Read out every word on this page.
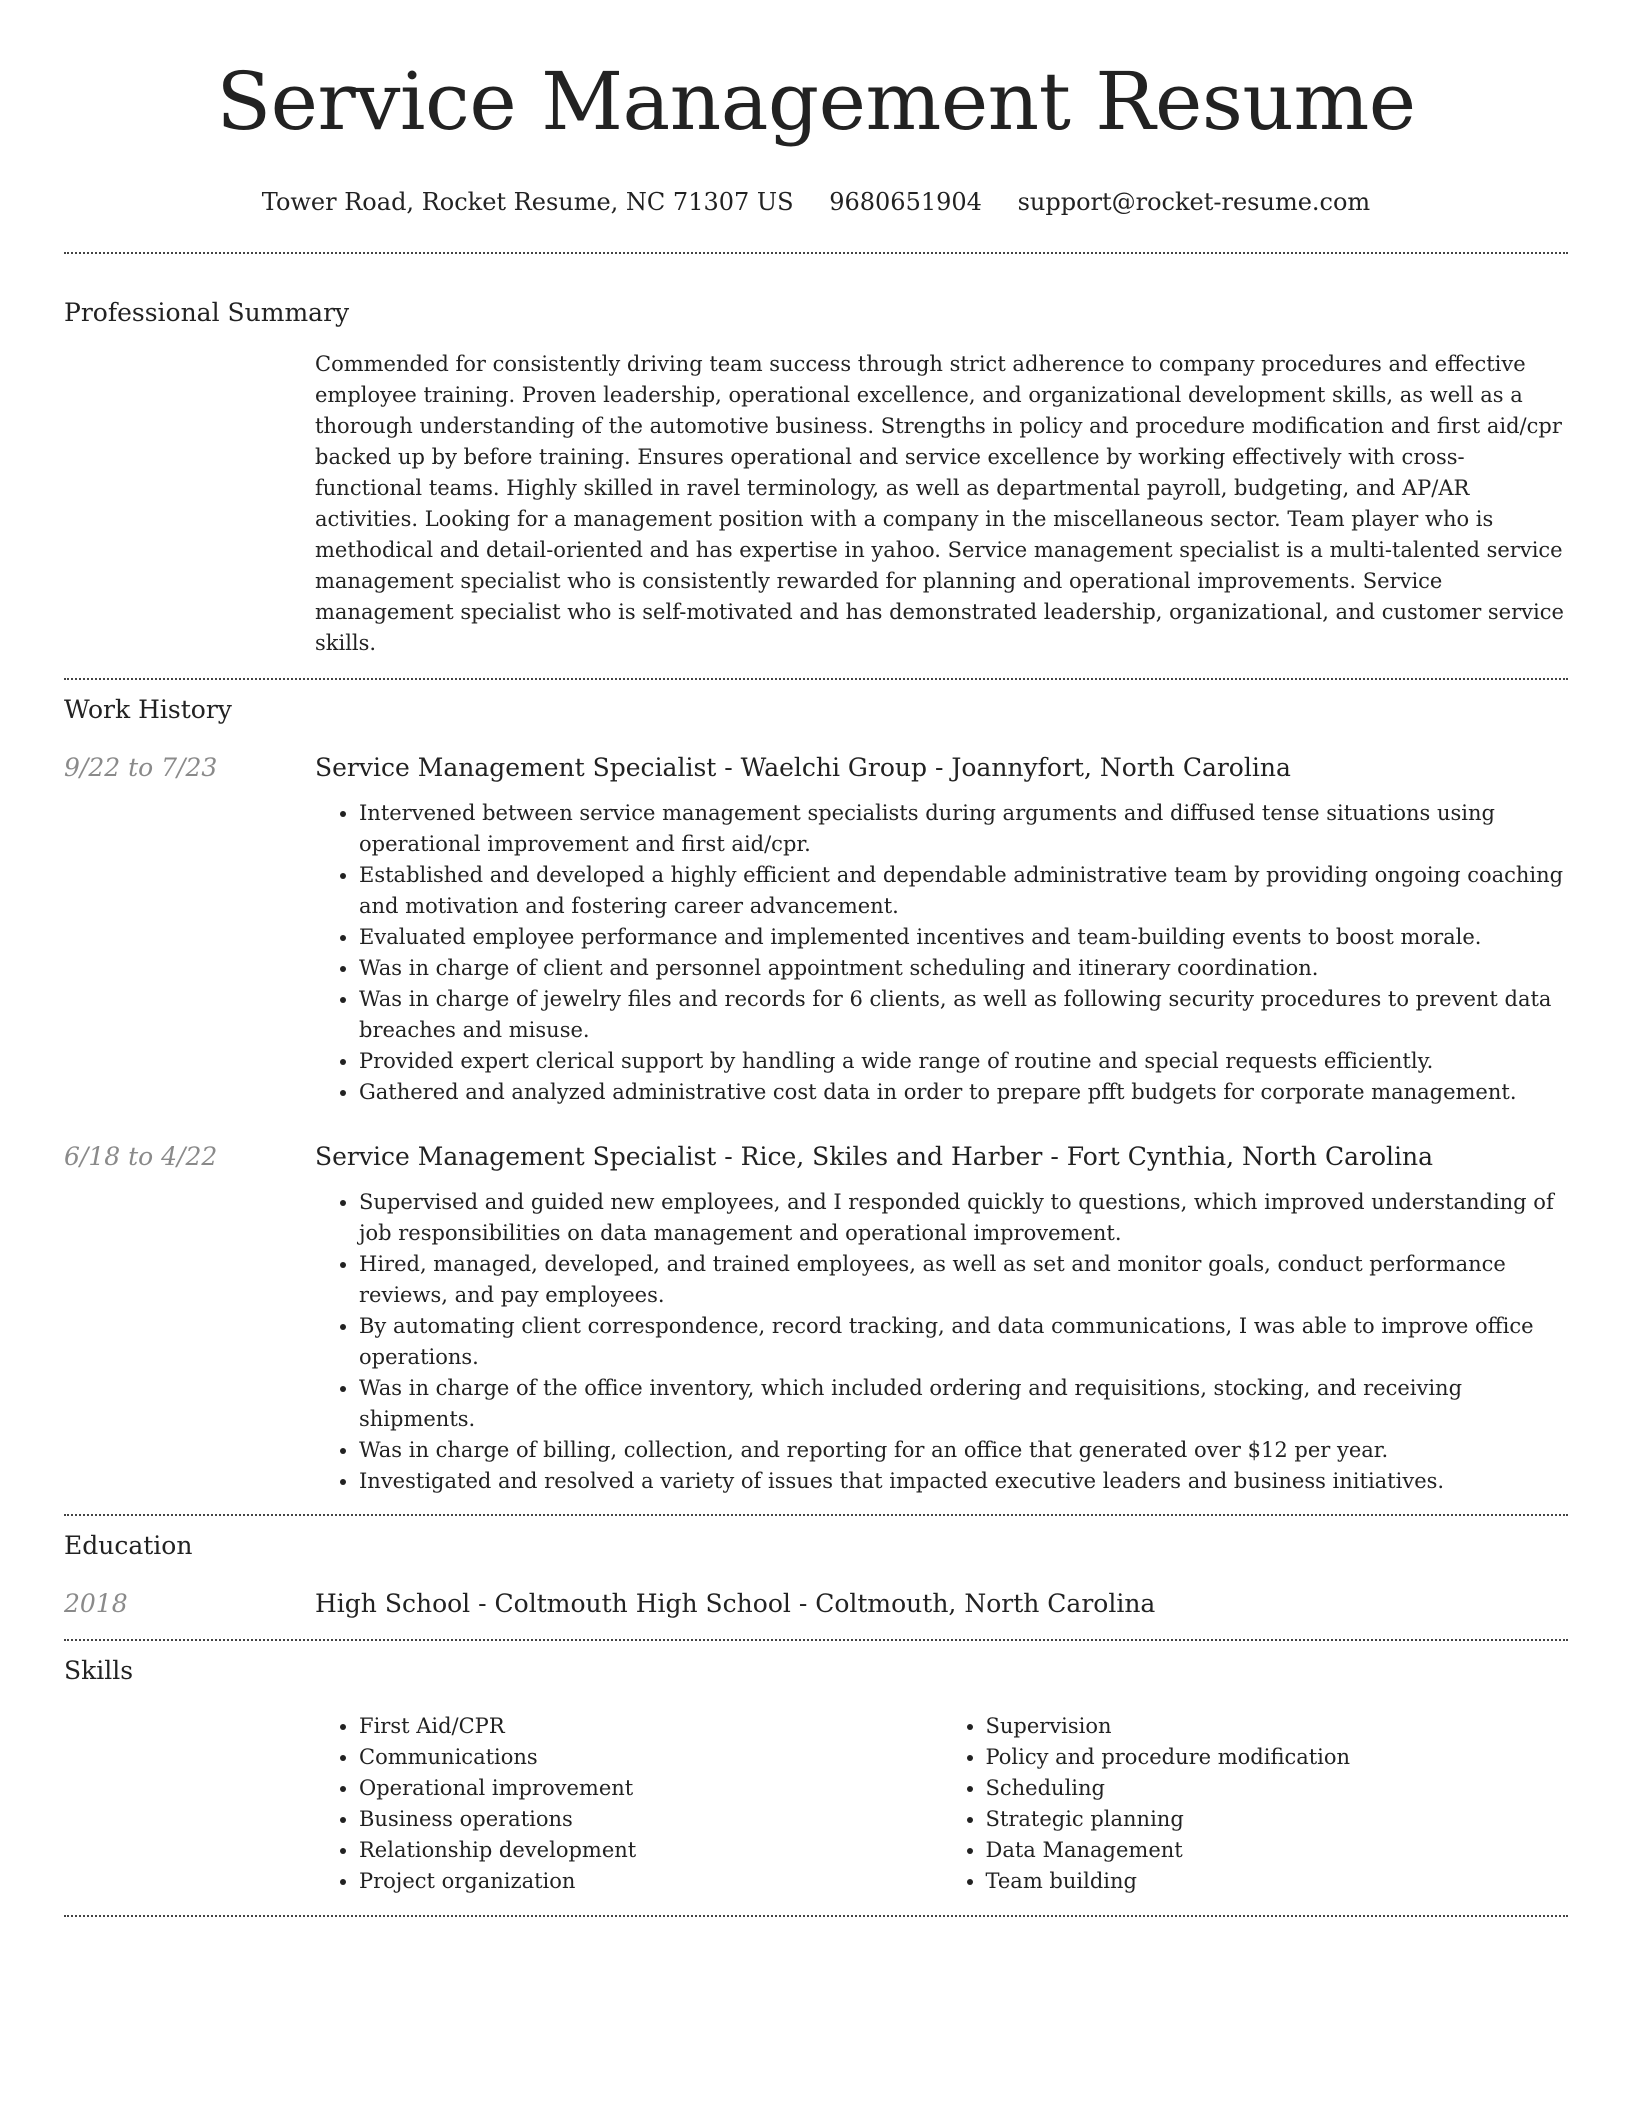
Service Management Resume
Tower Road, Rocket Resume, NC 71307 US 9680651904 support@rocket-resume.com
Professional Summary

Commended for consistently driving team success through strict adherence to company procedures and effective employee training. Proven leadership, operational excellence, and organizational development skills, as well as a thorough understanding of the automotive business. Strengths in policy and procedure modification and first aid/cpr backed up by before training. Ensures operational and service excellence by working effectively with cross-functional teams. Highly skilled in ravel terminology, as well as departmental payroll, budgeting, and AP/AR activities. Looking for a management position with a company in the miscellaneous sector. Team player who is methodical and detail-oriented and has expertise in yahoo. Service management specialist is a multi-talented service management specialist who is consistently rewarded for planning and operational improvements. Service management specialist who is self-motivated and has demonstrated leadership, organizational, and customer service skills.

Work History
9/22 to 7/23	Service Management Specialist - Waelchi Group - Joannyfort, North Carolina
• Intervened between service management specialists during arguments and diffused tense situations using operational improvement and first aid/cpr.
• Established and developed a highly efficient and dependable administrative team by providing ongoing coaching and motivation and fostering career advancement.
• Evaluated employee performance and implemented incentives and team-building events to boost morale.
• Was in charge of client and personnel appointment scheduling and itinerary coordination.
• Was in charge of jewelry files and records for 6 clients, as well as following security procedures to prevent data breaches and misuse.
• Provided expert clerical support by handling a wide range of routine and special requests efficiently.
• Gathered and analyzed administrative cost data in order to prepare pfft budgets for corporate management.
6/18 to 4/22	Service Management Specialist - Rice, Skiles and Harber - Fort Cynthia, North Carolina
• Supervised and guided new employees, and I responded quickly to questions, which improved understanding of job responsibilities on data management and operational improvement.
• Hired, managed, developed, and trained employees, as well as set and monitor goals, conduct performance reviews, and pay employees.
• By automating client correspondence, record tracking, and data communications, I was able to improve office operations.
• Was in charge of the office inventory, which included ordering and requisitions, stocking, and receiving shipments.
• Was in charge of billing, collection, and reporting for an office that generated over $12 per year.
• Investigated and resolved a variety of issues that impacted executive leaders and business initiatives.
Education
2018	High School - Coltmouth High School - Coltmouth, North Carolina
Skills
• First Aid/CPR
• Communications
• Operational improvement
• Business operations
• Relationship development
• Project organization
• Supervision
• Policy and procedure modification
• Scheduling
• Strategic planning
• Data Management
• Team building
